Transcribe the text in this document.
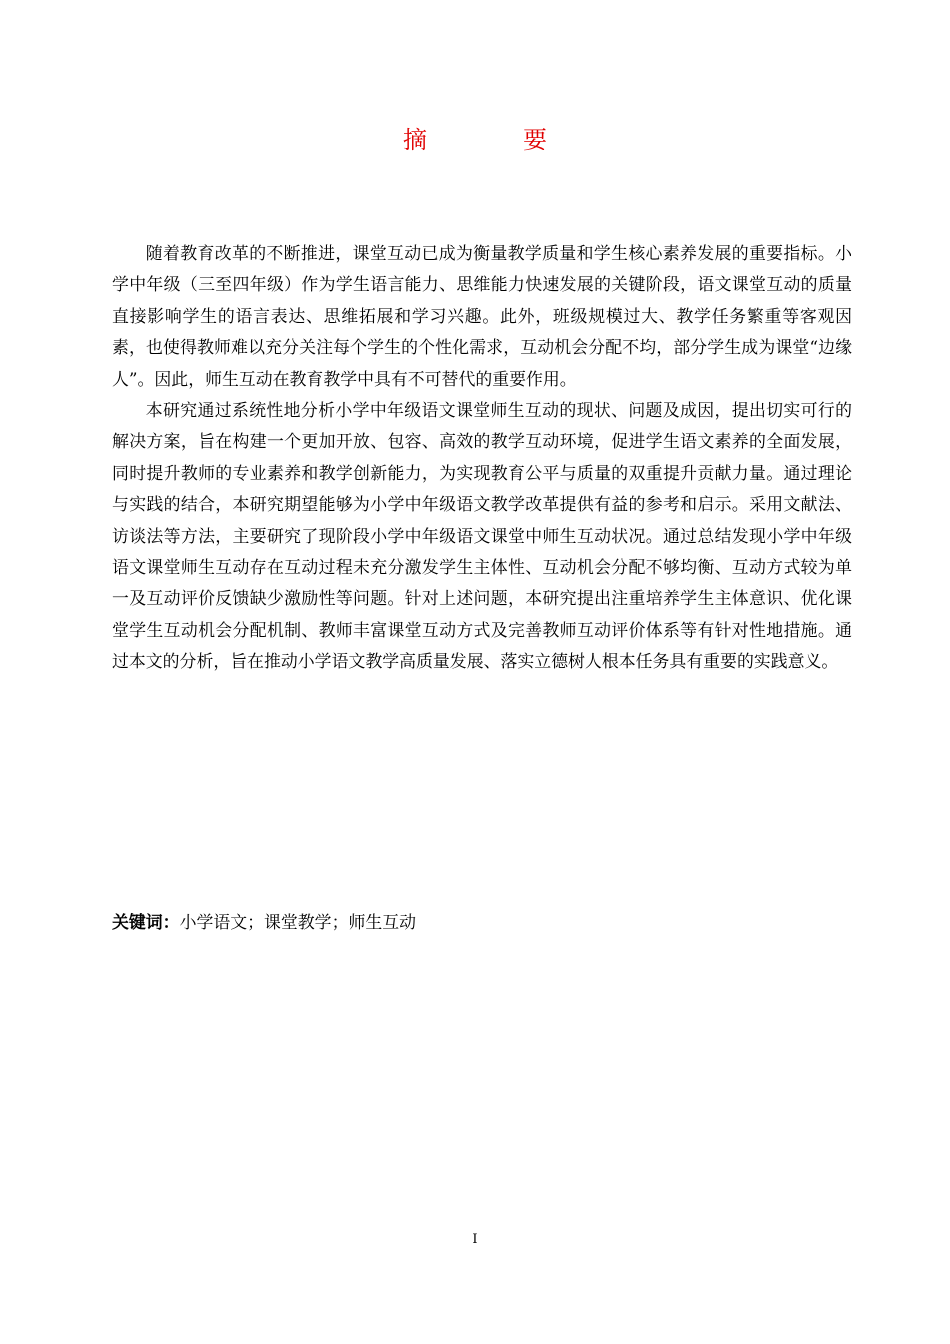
摘　要

随着教育改革的不断推进，课堂互动已成为衡量教学质量和学生核心素养发展的重要指标。小学中年级（三至四年级）作为学生语言能力、思维能力快速发展的关键阶段，语文课堂互动的质量直接影响学生的语言表达、思维拓展和学习兴趣。此外，班级规模过大、教学任务繁重等客观因素，也使得教师难以充分关注每个学生的个性化需求，互动机会分配不均，部分学生成为课堂“边缘人”。因此，师生互动在教育教学中具有不可替代的重要作用。

本研究通过系统性地分析小学中年级语文课堂师生互动的现状、问题及成因，提出切实可行的解决方案，旨在构建一个更加开放、包容、高效的教学互动环境，促进学生语文素养的全面发展，同时提升教师的专业素养和教学创新能力，为实现教育公平与质量的双重提升贡献力量。通过理论与实践的结合，本研究期望能够为小学中年级语文教学改革提供有益的参考和启示。采用文献法、访谈法等方法，主要研究了现阶段小学中年级语文课堂中师生互动状况。通过总结发现小学中年级语文课堂师生互动存在互动过程未充分激发学生主体性、互动机会分配不够均衡、互动方式较为单一及互动评价反馈缺少激励性等问题。针对上述问题，本研究提出注重培养学生主体意识、优化课堂学生互动机会分配机制、教师丰富课堂互动方式及完善教师互动评价体系等有针对性地措施。通过本文的分析，旨在推动小学语文教学高质量发展、落实立德树人根本任务具有重要的实践意义。

关键词：小学语文；课堂教学；师生互动
I
